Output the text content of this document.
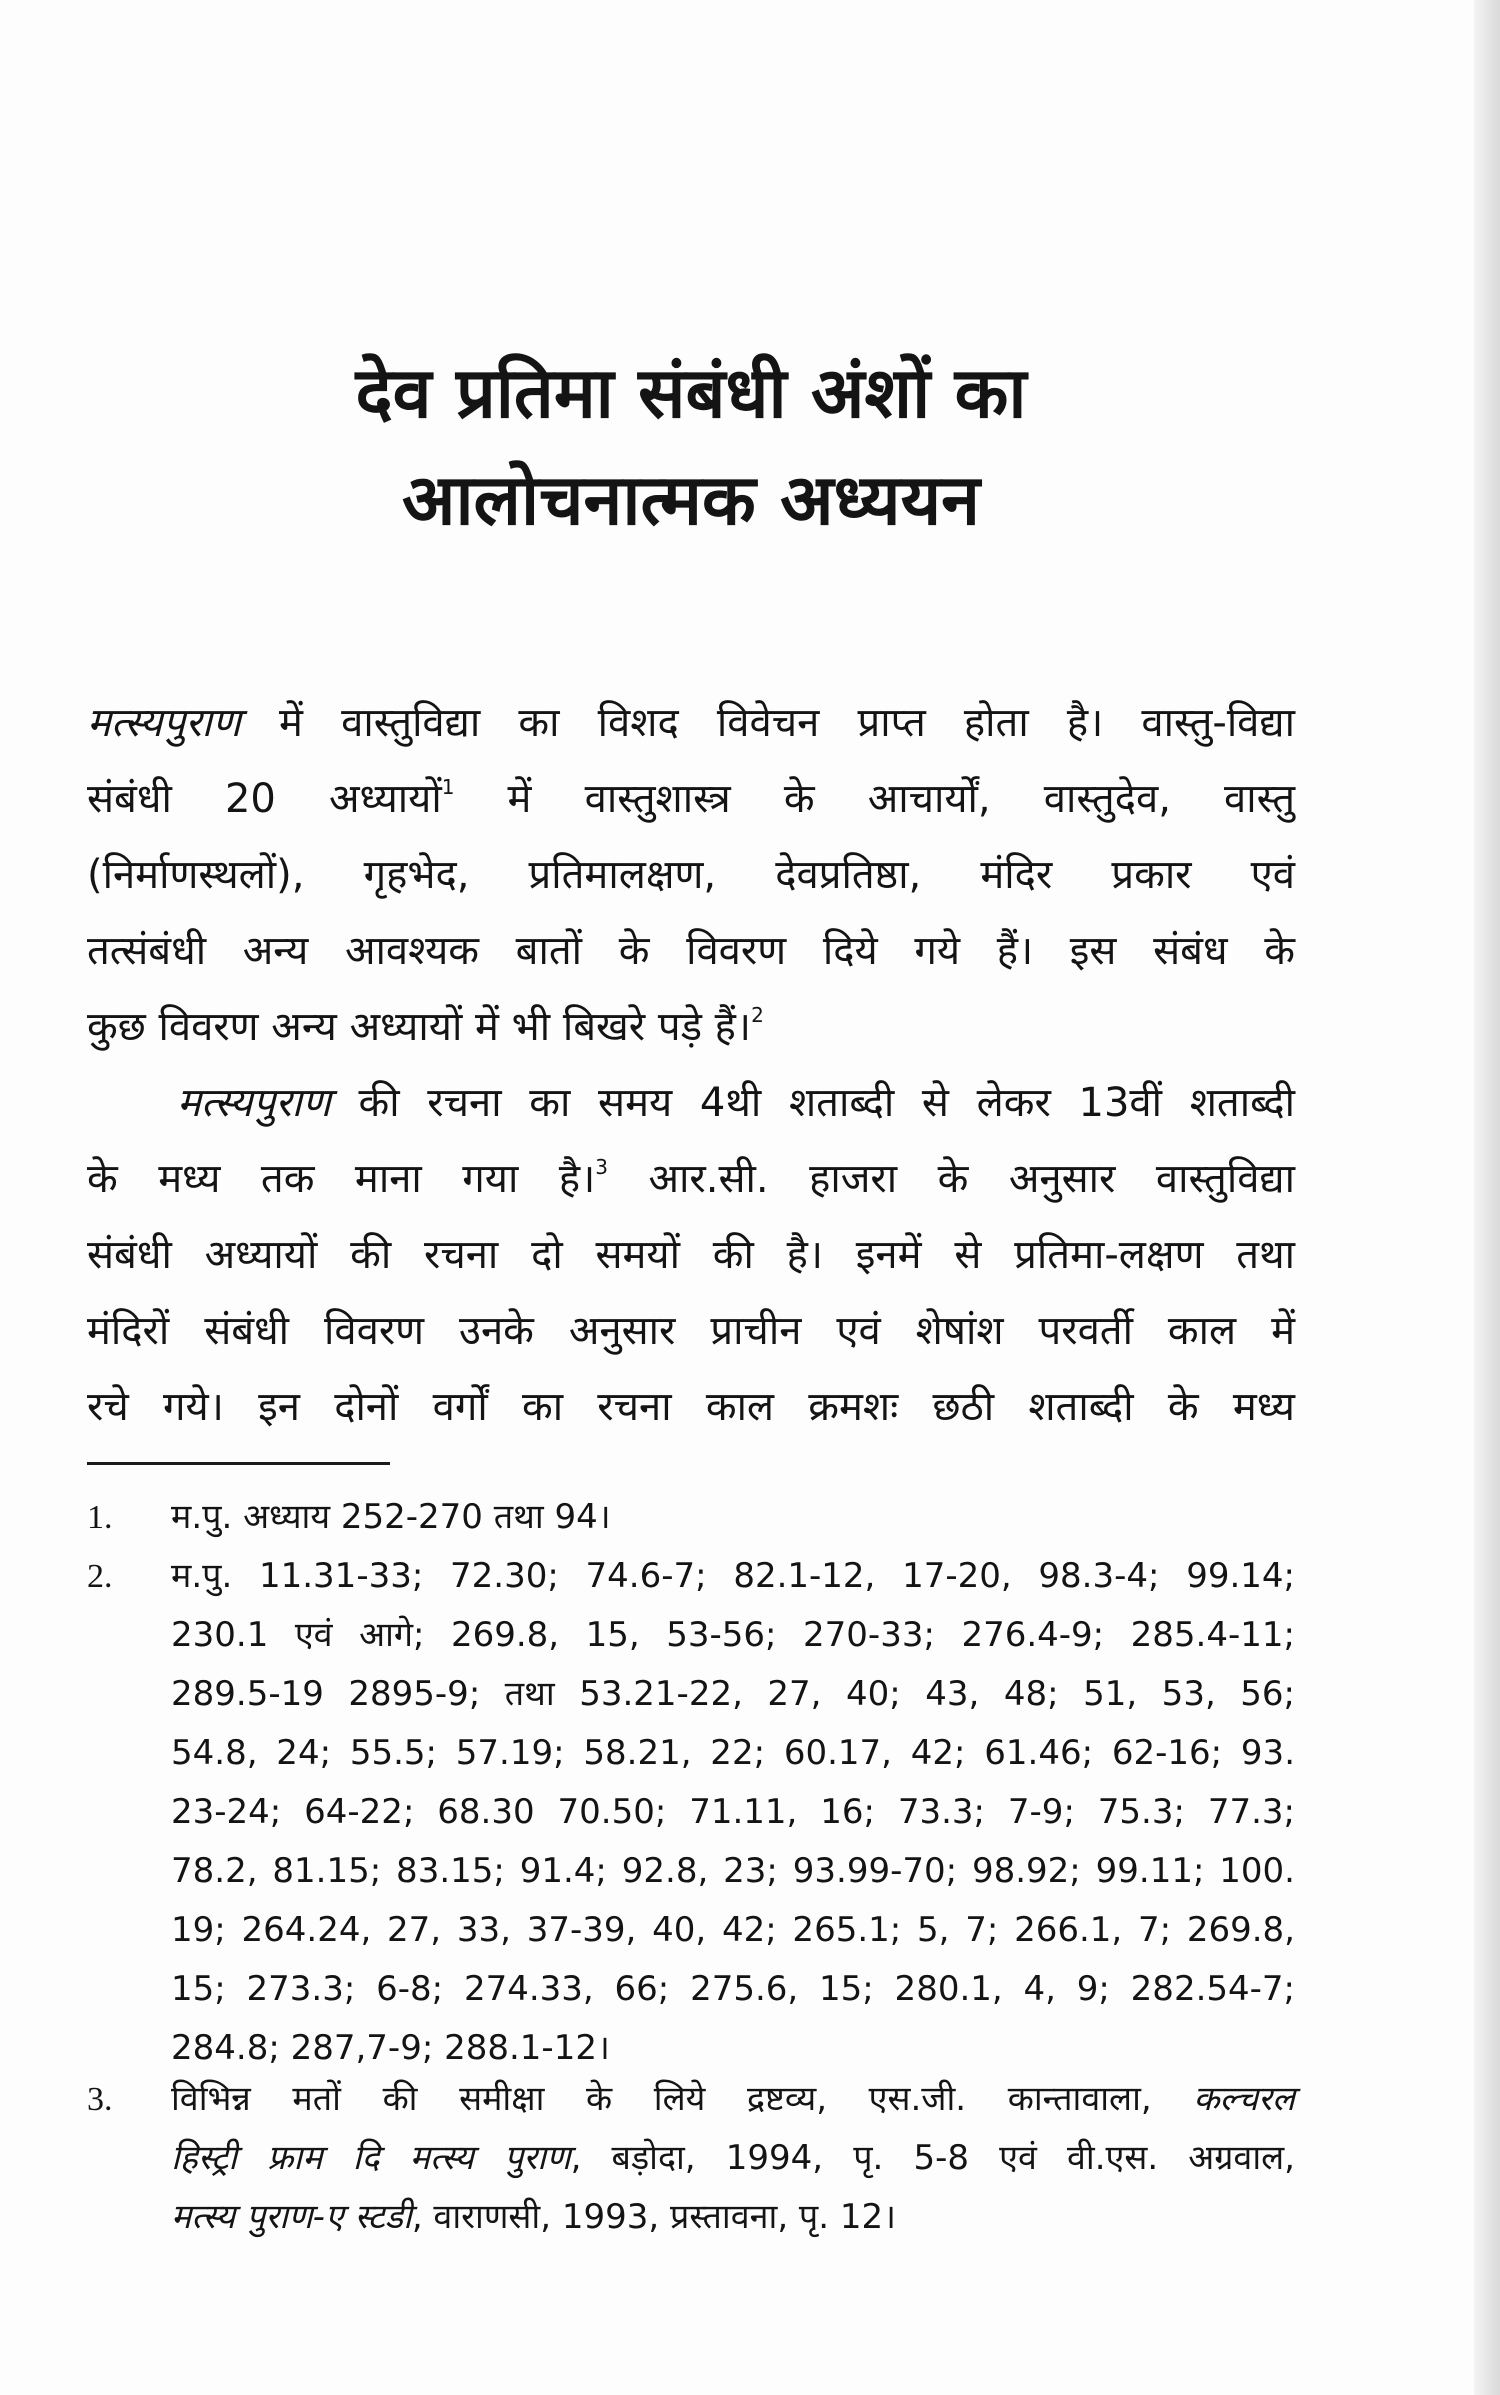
देव प्रतिमा संबंधी अंशों का
आलोचनात्मक अध्ययन
मत्स्यपुराण में वास्तुविद्या का विशद विवेचन प्राप्त होता है। वास्तु-विद्या
संबंधी 20 अध्यायों$^1$ में वास्तुशास्त्र के आचार्यों, वास्तुदेव, वास्तु
(निर्माणस्थलों), गृहभेद, प्रतिमालक्षण, देवप्रतिष्ठा, मंदिर प्रकार एवं
तत्संबंधी अन्य आवश्यक बातों के विवरण दिये गये हैं। इस संबंध के
कुछ विवरण अन्य अध्यायों में भी बिखरे पड़े हैं।$^2$
मत्स्यपुराण की रचना का समय 4थी शताब्दी से लेकर 13वीं शताब्दी
के मध्य तक माना गया है।$^3$ आर.सी. हाजरा के अनुसार वास्तुविद्या
संबंधी अध्यायों की रचना दो समयों की है। इनमें से प्रतिमा-लक्षण तथा
मंदिरों संबंधी विवरण उनके अनुसार प्राचीन एवं शेषांश परवर्ती काल में
रचे गये। इन दोनों वर्गों का रचना काल क्रमशः छठी शताब्दी के मध्य
1. म.पु. अध्याय 252-270 तथा 94।
2. म.पु. 11.31-33; 72.30; 74.6-7; 82.1-12, 17-20, 98.3-4; 99.14;
230.1 एवं आगे; 269.8, 15, 53-56; 270-33; 276.4-9; 285.4-11;
289.5-19 2895-9; तथा 53.21-22, 27, 40; 43, 48; 51, 53, 56;
54.8, 24; 55.5; 57.19; 58.21, 22; 60.17, 42; 61.46; 62-16; 93.
23-24; 64-22; 68.30 70.50; 71.11, 16; 73.3; 7-9; 75.3; 77.3;
78.2, 81.15; 83.15; 91.4; 92.8, 23; 93.99-70; 98.92; 99.11; 100.
19; 264.24, 27, 33, 37-39, 40, 42; 265.1; 5, 7; 266.1, 7; 269.8,
15; 273.3; 6-8; 274.33, 66; 275.6, 15; 280.1, 4, 9; 282.54-7;
284.8; 287,7-9; 288.1-12।
3. विभिन्न मतों की समीक्षा के लिये द्रष्टव्य, एस.जी. कान्तावाला, कल्चरल
हिस्ट्री फ्राम दि मत्स्य पुराण, बड़ोदा, 1994, पृ. 5-8 एवं वी.एस. अग्रवाल,
मत्स्य पुराण-ए स्टडी, वाराणसी, 1993, प्रस्तावना, पृ. 12।
